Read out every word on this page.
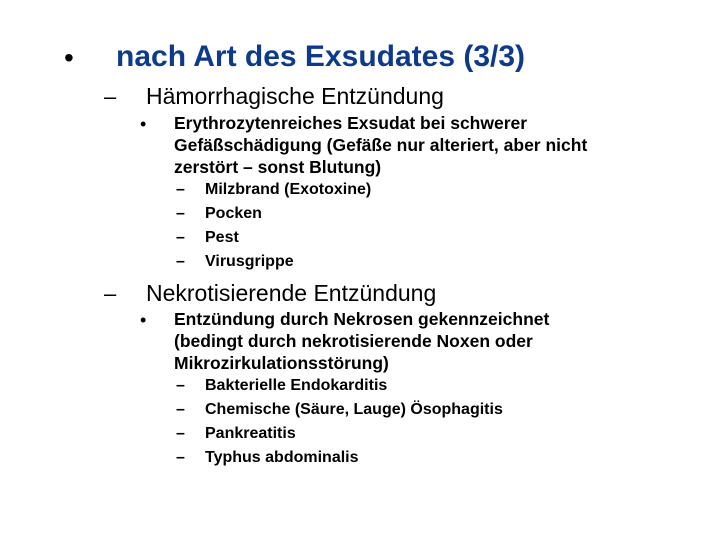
• nach Art des Exsudates (3/3)
– Hämorrhagische Entzündung
• Erythrozytenreiches Exsudat bei schwerer
Gefäßschädigung (Gefäße nur alteriert, aber nicht
zerstört – sonst Blutung)
– Milzbrand (Exotoxine)
– Pocken
– Pest
– Virusgrippe
– Nekrotisierende Entzündung
• Entzündung durch Nekrosen gekennzeichnet
(bedingt durch nekrotisierende Noxen oder
Mikrozirkulationsstörung)
– Bakterielle Endokarditis
– Chemische (Säure, Lauge) Ösophagitis
– Pankreatitis
– Typhus abdominalis
